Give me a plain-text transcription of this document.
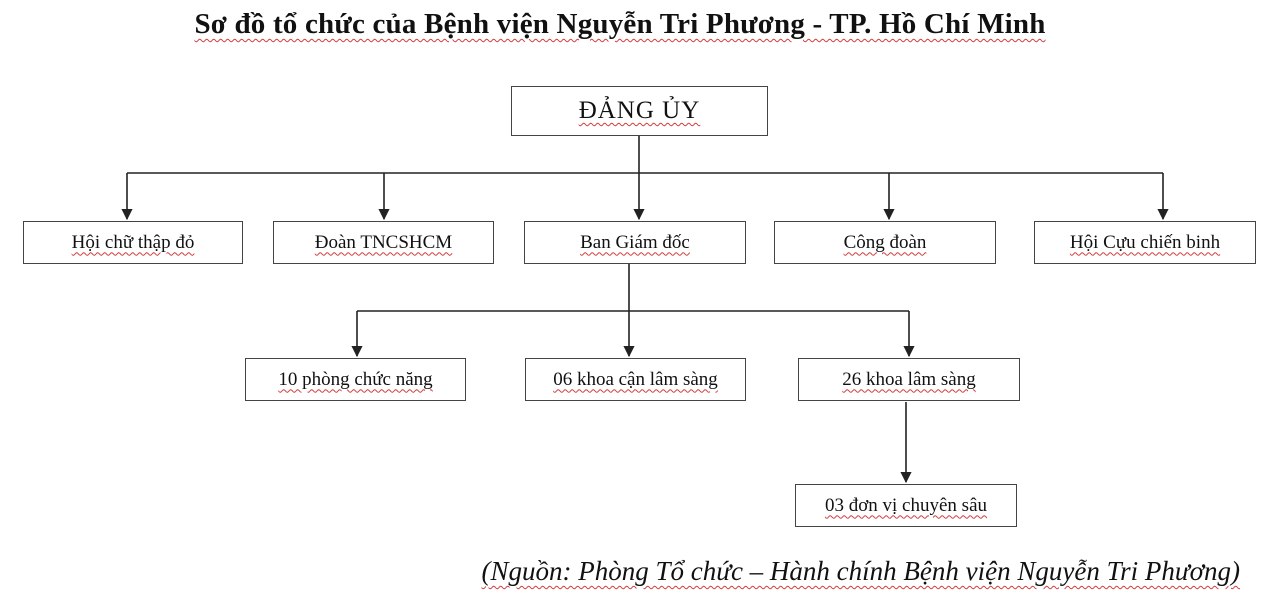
Sơ đồ tổ chức của Bệnh viện Nguyễn Tri Phương - TP. Hồ Chí Minh
ĐẢNG ỦY
Hội chữ thập đỏ	Đoàn TNCSHCM	Ban Giám đốc	Công đoàn	Hội Cựu chiến binh
10 phòng chức năng	06 khoa cận lâm sàng	26 khoa lâm sàng
03 đơn vị chuyên sâu
(Nguồn: Phòng Tổ chức – Hành chính Bệnh viện Nguyễn Tri Phương)
